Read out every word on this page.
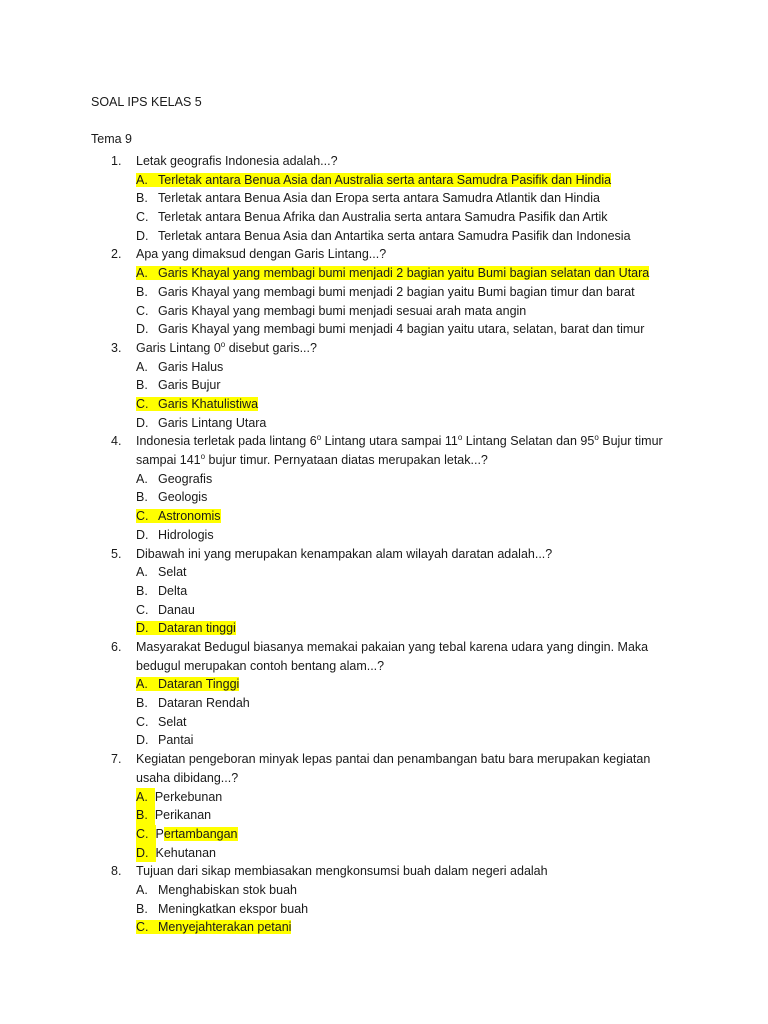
SOAL IPS KELAS 5
Tema 9
1. Letak geografis Indonesia adalah...?
A. Terletak antara Benua Asia dan Australia serta antara Samudra Pasifik dan Hindia
B. Terletak antara Benua Asia dan Eropa serta antara Samudra Atlantik dan Hindia
C. Terletak antara Benua Afrika dan Australia serta antara Samudra Pasifik dan Artik
D. Terletak antara Benua Asia dan Antartika serta antara Samudra Pasifik dan Indonesia
2. Apa yang dimaksud dengan Garis Lintang...?
A. Garis Khayal yang membagi bumi menjadi 2 bagian yaitu Bumi bagian selatan dan Utara
B. Garis Khayal yang membagi bumi menjadi 2 bagian yaitu Bumi bagian timur dan barat
C. Garis Khayal yang membagi bumi menjadi sesuai arah mata angin
D. Garis Khayal yang membagi bumi menjadi 4 bagian yaitu utara, selatan, barat dan timur
3. Garis Lintang 0$^o$ disebut garis...?
A. Garis Halus
B. Garis Bujur
C. Garis Khatulistiwa
D. Garis Lintang Utara
4. Indonesia terletak pada lintang 6$^o$ Lintang utara sampai 11$^o$ Lintang Selatan dan 95$^o$ Bujur timur
sampai 141$^o$ bujur timur. Pernyataan diatas merupakan letak...?
A. Geografis
B. Geologis
C. Astronomis
D. Hidrologis
5. Dibawah ini yang merupakan kenampakan alam wilayah daratan adalah...?
A. Selat
B. Delta
C. Danau
D. Dataran tinggi
6. Masyarakat Bedugul biasanya memakai pakaian yang tebal karena udara yang dingin. Maka
bedugul merupakan contoh bentang alam...?
A. Dataran Tinggi
B. Dataran Rendah
C. Selat
D. Pantai
7. Kegiatan pengeboran minyak lepas pantai dan penambangan batu bara merupakan kegiatan
usaha dibidang...?
A. Perkebunan
B. Perikanan
C. Pertambangan
D. Kehutanan
8. Tujuan dari sikap membiasakan mengkonsumsi buah dalam negeri adalah
A. Menghabiskan stok buah
B. Meningkatkan ekspor buah
C. Menyejahterakan petani
